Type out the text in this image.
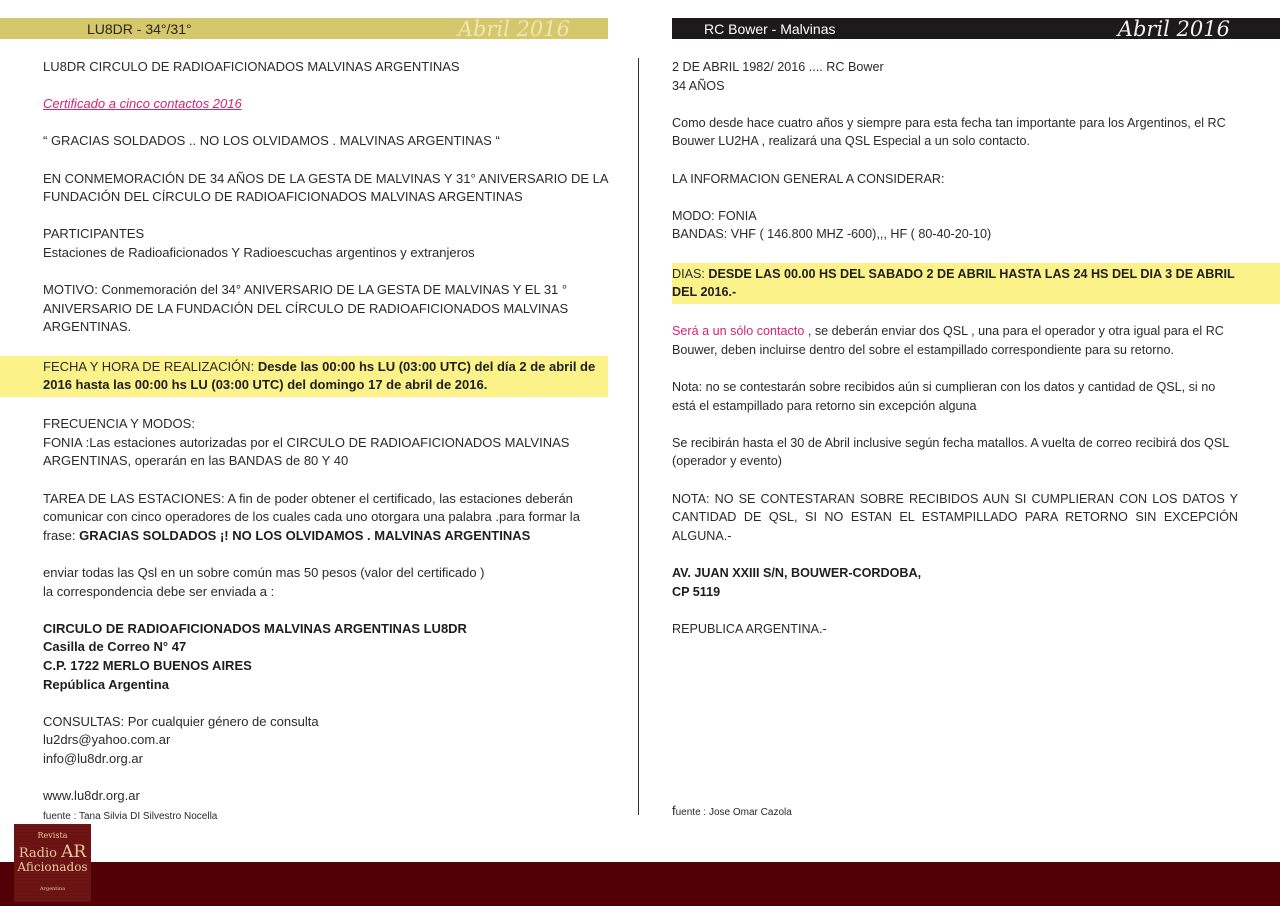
LU8DR - 34°/31°	Abril 2016	RC Bower - Malvinas	Abril 2016

LU8DR CIRCULO DE RADIOAFICIONADOS MALVINAS ARGENTINAS

Certificado a cinco contactos 2016

“ GRACIAS SOLDADOS .. NO LOS OLVIDAMOS . MALVINAS ARGENTINAS “

EN CONMEMORACIÓN DE 34 AÑOS DE LA GESTA DE MALVINAS Y 31° ANIVERSARIO DE LA FUNDACIÓN DEL CÍRCULO DE RADIOAFICIONADOS MALVINAS ARGENTINAS

PARTICIPANTES
Estaciones de Radioaficionados Y Radioescuchas argentinos y extranjeros

MOTIVO: Conmemoración del 34° ANIVERSARIO DE LA GESTA DE MALVINAS Y EL 31 ° ANIVERSARIO DE LA FUNDACIÓN DEL CÍRCULO DE RADIOAFICIONADOS MALVINAS ARGENTINAS.

FECHA Y HORA DE REALIZACIÓN: Desde las 00:00 hs LU (03:00 UTC) del día 2 de abril de 2016 hasta las 00:00 hs LU (03:00 UTC) del domingo 17 de abril de 2016.

FRECUENCIA Y MODOS:
FONIA :Las estaciones autorizadas por el CIRCULO DE RADIOAFICIONADOS MALVINAS ARGENTINAS, operarán en las BANDAS de 80 Y 40

TAREA DE LAS ESTACIONES: A fin de poder obtener el certificado, las estaciones deberán comunicar con cinco operadores de los cuales cada uno otorgara una palabra .para formar la frase: GRACIAS SOLDADOS ¡! NO LOS OLVIDAMOS . MALVINAS ARGENTINAS

enviar todas las Qsl en un sobre común mas 50 pesos (valor del certificado )
la correspondencia debe ser enviada a :

CIRCULO DE RADIOAFICIONADOS MALVINAS ARGENTINAS LU8DR
Casilla de Correo N° 47
C.P. 1722 MERLO BUENOS AIRES
República Argentina

CONSULTAS: Por cualquier género de consulta
lu2drs@yahoo.com.ar
info@lu8dr.org.ar

www.lu8dr.org.ar
fuente : Tana Silvia DI Silvestro Nocella

2 DE ABRIL 1982/ 2016 .... RC Bower
34 AÑOS

Como desde hace cuatro años y siempre para esta fecha tan importante para los Argentinos, el RC Bouwer LU2HA , realizará una QSL Especial a un solo contacto.

LA INFORMACION GENERAL A CONSIDERAR:

MODO: FONIA
BANDAS: VHF ( 146.800 MHZ -600),,, HF ( 80-40-20-10)

DIAS: DESDE LAS 00.00 HS DEL SABADO 2 DE ABRIL HASTA LAS 24 HS DEL DIA 3 DE ABRIL DEL 2016.-

Será a un sólo contacto , se deberán enviar dos QSL , una para el operador y otra igual para el RC Bouwer, deben incluirse dentro del sobre el estampillado correspondiente para su retorno.

Nota: no se contestarán sobre recibidos aún si cumplieran con los datos y cantidad de QSL, si no está el estampillado para retorno sin excepción alguna

Se recibirán hasta el 30 de Abril inclusive según fecha matallos. A vuelta de correo recibirá dos QSL (operador y evento)

NOTA: NO SE CONTESTARAN SOBRE RECIBIDOS AUN SI CUMPLIERAN CON LOS DATOS Y CANTIDAD DE QSL, SI NO ESTAN EL ESTAMPILLADO PARA RETORNO SIN EXCEPCIÓN ALGUNA.-

AV. JUAN XXIII S/N, BOUWER-CORDOBA,
CP 5119

REPUBLICA ARGENTINA.-

fuente : Jose Omar Cazola
Revista
Radio AR
Aficionados
Argentina
